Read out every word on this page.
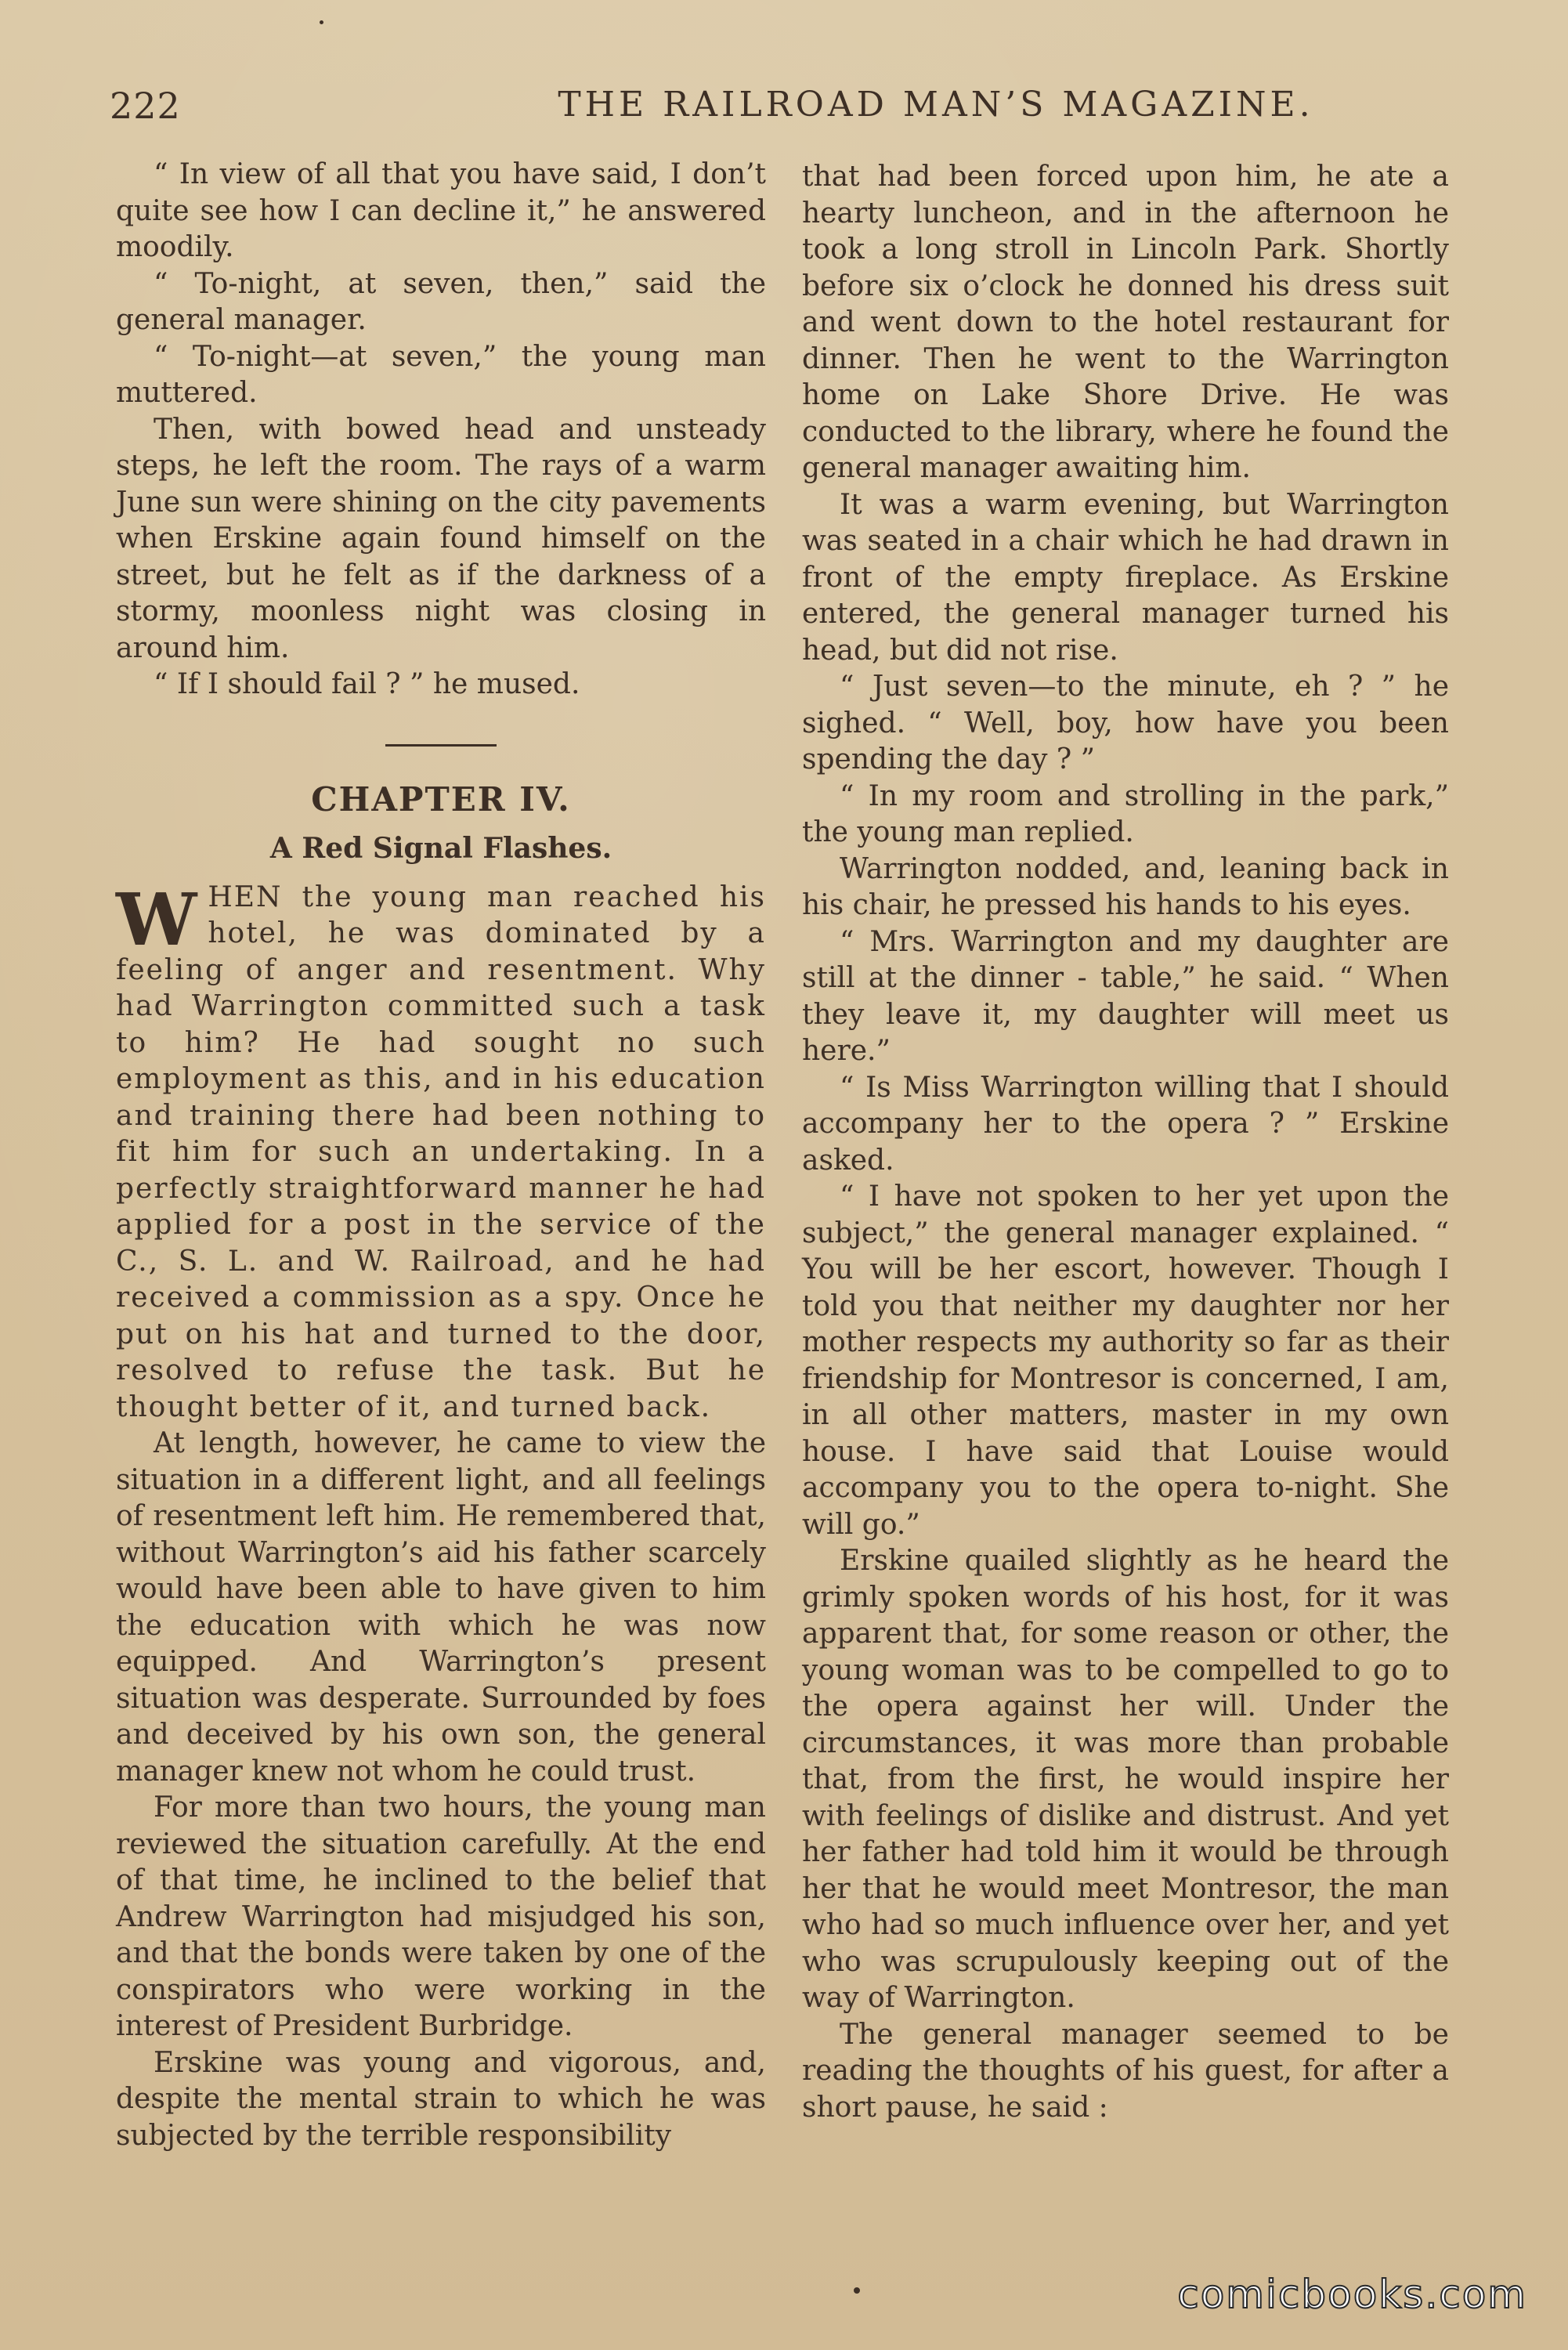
222	THE RAILROAD MAN’S MAGAZINE.

“ In view of all that you have said, I don’t quite see how I can decline it,” he answered moodily.

“ To-night, at seven, then,” said the general manager.

“ To-night—at seven,” the young man muttered.

Then, with bowed head and unsteady steps, he left the room. The rays of a warm June sun were shining on the city pavements when Erskine again found himself on the street, but he felt as if the darkness of a stormy, moonless night was closing in around him.

“ If I should fail ? ” he mused.

CHAPTER IV.
A Red Signal Flashes.

WHEN the young man reached his hotel, he was dominated by a feeling of anger and resentment. Why had Warrington committed such a task to him? He had sought no such employment as this, and in his education and training there had been nothing to fit him for such an undertaking. In a perfectly straightforward manner he had applied for a post in the service of the C., S. L. and W. Railroad, and he had received a commission as a spy. Once he put on his hat and turned to the door, resolved to refuse the task. But he thought better of it, and turned back.

At length, however, he came to view the situation in a different light, and all feelings of resentment left him. He remembered that, without Warrington’s aid his father scarcely would have been able to have given to him the education with which he was now equipped. And Warrington’s present situation was desperate. Surrounded by foes and deceived by his own son, the general manager knew not whom he could trust.

For more than two hours, the young man reviewed the situation carefully. At the end of that time, he inclined to the belief that Andrew Warrington had misjudged his son, and that the bonds were taken by one of the conspirators who were working in the interest of President Burbridge.

Erskine was young and vigorous, and, despite the mental strain to which he was subjected by the terrible responsibility

that had been forced upon him, he ate a hearty luncheon, and in the afternoon he took a long stroll in Lincoln Park. Shortly before six o’clock he donned his dress suit and went down to the hotel restaurant for dinner. Then he went to the Warrington home on Lake Shore Drive. He was conducted to the library, where he found the general manager awaiting him.

It was a warm evening, but Warrington was seated in a chair which he had drawn in front of the empty fireplace. As Erskine entered, the general manager turned his head, but did not rise.

“ Just seven—to the minute, eh ? ” he sighed. “ Well, boy, how have you been spending the day ? ”

“ In my room and strolling in the park,” the young man replied.

Warrington nodded, and, leaning back in his chair, he pressed his hands to his eyes.

“ Mrs. Warrington and my daughter are still at the dinner - table,” he said. “ When they leave it, my daughter will meet us here.”

“ Is Miss Warrington willing that I should accompany her to the opera ? ” Erskine asked.

“ I have not spoken to her yet upon the subject,” the general manager explained. “ You will be her escort, however. Though I told you that neither my daughter nor her mother respects my authority so far as their friendship for Montresor is concerned, I am, in all other matters, master in my own house. I have said that Louise would accompany you to the opera to-night. She will go.”

Erskine quailed slightly as he heard the grimly spoken words of his host, for it was apparent that, for some reason or other, the young woman was to be compelled to go to the opera against her will. Under the circumstances, it was more than probable that, from the first, he would inspire her with feelings of dislike and distrust. And yet her father had told him it would be through her that he would meet Montresor, the man who had so much influence over her, and yet who was scrupulously keeping out of the way of Warrington.

The general manager seemed to be reading the thoughts of his guest, for after a short pause, he said :

comicbooks.com
